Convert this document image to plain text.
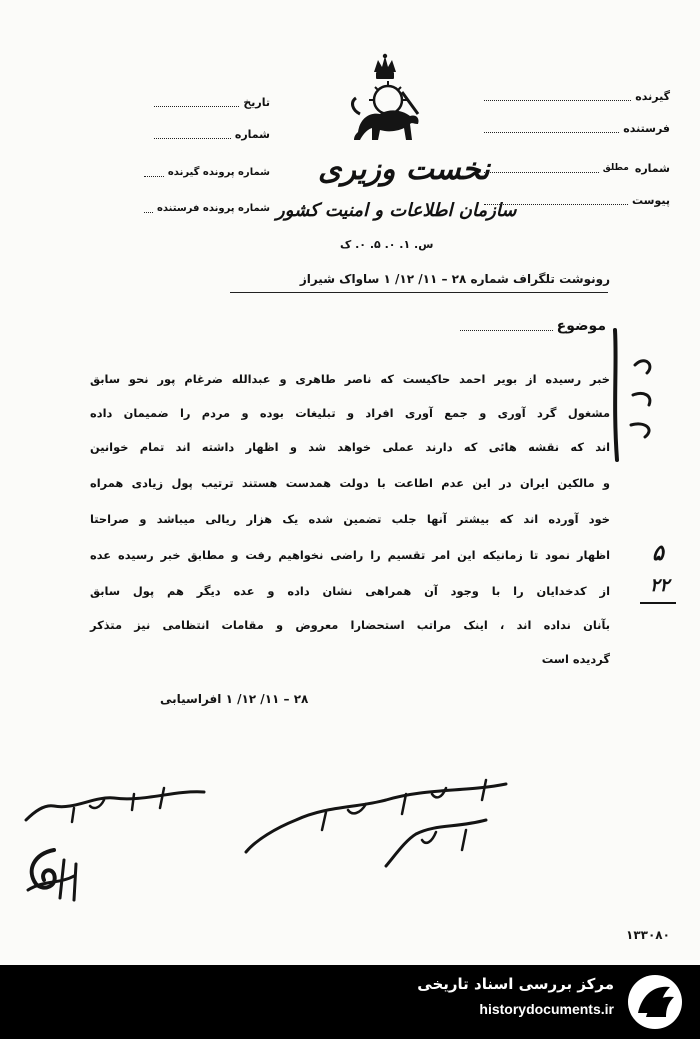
گیرنده
فرستنده
شماره
مطلق
پیوست
تاریخ
شماره
شماره پرونده گیرنده
شماره پرونده فرستنده
نخست وزیری
سازمان اطلاعات و امنیت کشور
س. ۱. ۰. ۵. ۰. ک
رونوشت تلگراف شماره ۲۸ – ۱۱/ ۱۲/ ۱ ساواک شیراز
موضوع
خبر رسیده از بویر احمد حاکیست که ناصر طاهری و عبدالله ضرغام پور نحو سابق
مشغول گرد آوری و جمع آوری افراد و تبلیغات بوده و مردم را ضمیمان داده
اند که نقشه هائی که دارند عملی خواهد شد و اظهار داشته اند تمام خوانین
و مالکین ایران در این عدم اطاعت با دولت همدست هستند ترتیب پول زیادی همراه
خود آورده اند که بیشتر آنها جلب تضمین شده یک هزار ریالی میباشد و صراحتا
اظهار نمود تا زمانیکه این امر تقسیم را راضی نخواهیم رفت و مطابق خبر رسیده عده
از کدخدایان را با وجود آن همراهی نشان داده و عده دیگر هم پول سابق
بآنان نداده اند ، اینک مراتب استحضارا معروض و مقامات انتظامی نیز متذکر
گردیده است
۲۸ – ۱۱/ ۱۲/ ۱ افراسیابی
۵
۲۲
۱۳۳۰۸۰
مرکز بررسی اسناد تاریخی
historydocuments.ir
